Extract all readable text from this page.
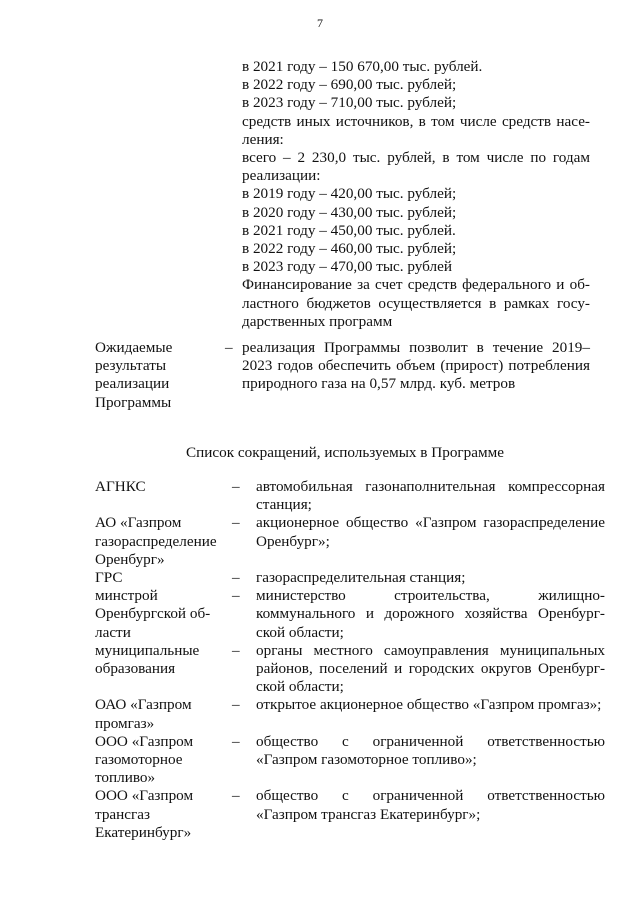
7
в 2021 году – 150 670,00 тыс. рублей.
в 2022 году – 690,00 тыс. рублей;
в 2023 году – 710,00 тыс. рублей;
средств иных источников, в том числе средств насе-
ления:
всего – 2 230,0 тыс. рублей, в том числе по годам
реализации:
в 2019 году – 420,00 тыс. рублей;
в 2020 году – 430,00 тыс. рублей;
в 2021 году – 450,00 тыс. рублей.
в 2022 году – 460,00 тыс. рублей;
в 2023 году – 470,00 тыс. рублей
Финансирование за счет средств федерального и об-
ластного бюджетов осуществляется в рамках госу-
дарственных программ
Ожидаемые
результаты
реализации
Программы
– реализация Программы позволит в течение 2019–2023 годов обеспечить объем (прирост) потребления природного газа на 0,57 млрд. куб. метров
Список сокращений, используемых в Программе
АГНКС
	– автомобильная газонаполнительная компрессорная станция;
АО «Газпром
газораспределение
Оренбург»
– акционерное общество «Газпром газораспределение Оренбург»;
ГРС	– газораспределительная станция;
минстрой
Оренбургской об-
ласти
– министерство строительства, жилищно-коммунального и дорожного хозяйства Оренбург-ской области;
муниципальные
образования

– органы местного самоуправления муниципальных районов, поселений и городских округов Оренбург-ской области;
ОАО «Газпром
промгаз»
– открытое акционерное общество «Газпром промгаз»;
ООО «Газпром
газомоторное
топливо»
– общество с ограниченной ответственностью «Газпром газомоторное топливо»;
ООО «Газпром
трансгаз
Екатеринбург»
– общество с ограниченной ответственностью «Газпром трансгаз Екатеринбург»;
